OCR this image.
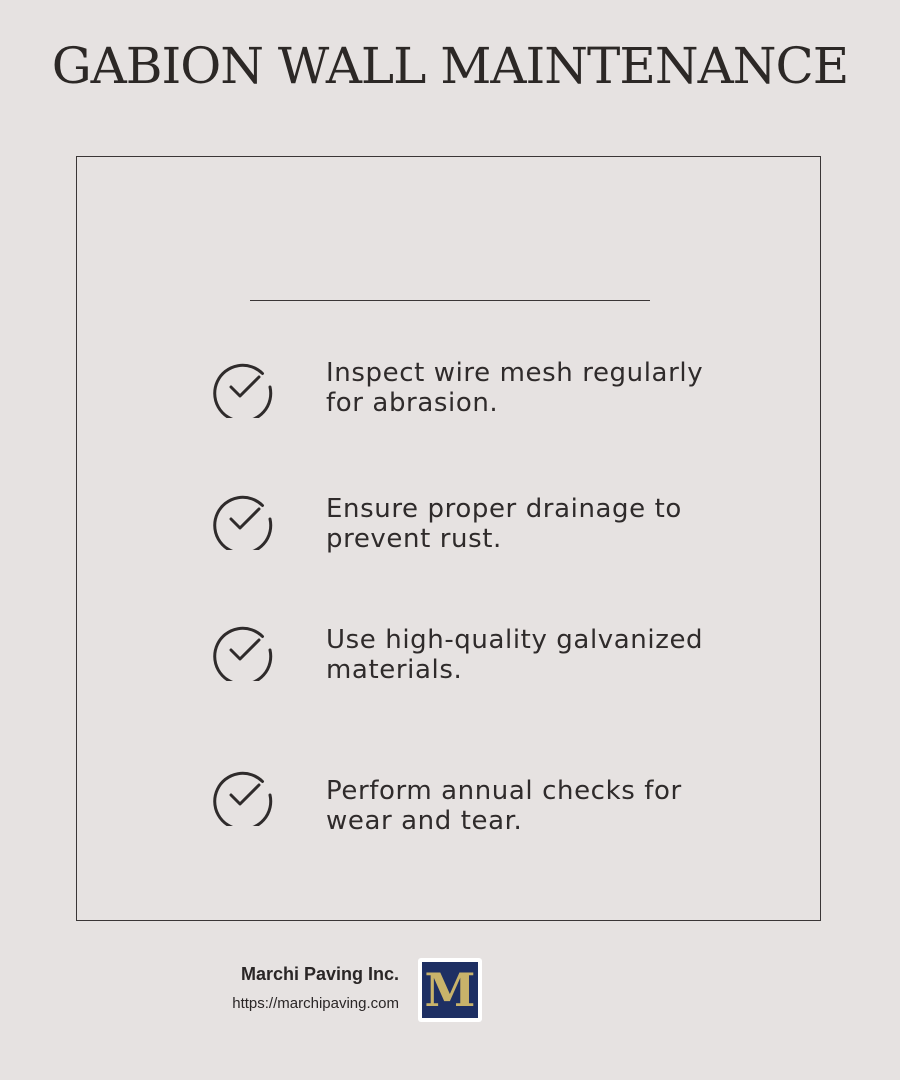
GABION WALL MAINTENANCE
Inspect wire mesh regularly
for abrasion.
Ensure proper drainage to
prevent rust.
Use high-quality galvanized
materials.
Perform annual checks for
wear and tear.
Marchi Paving Inc.
https://marchipaving.com M
